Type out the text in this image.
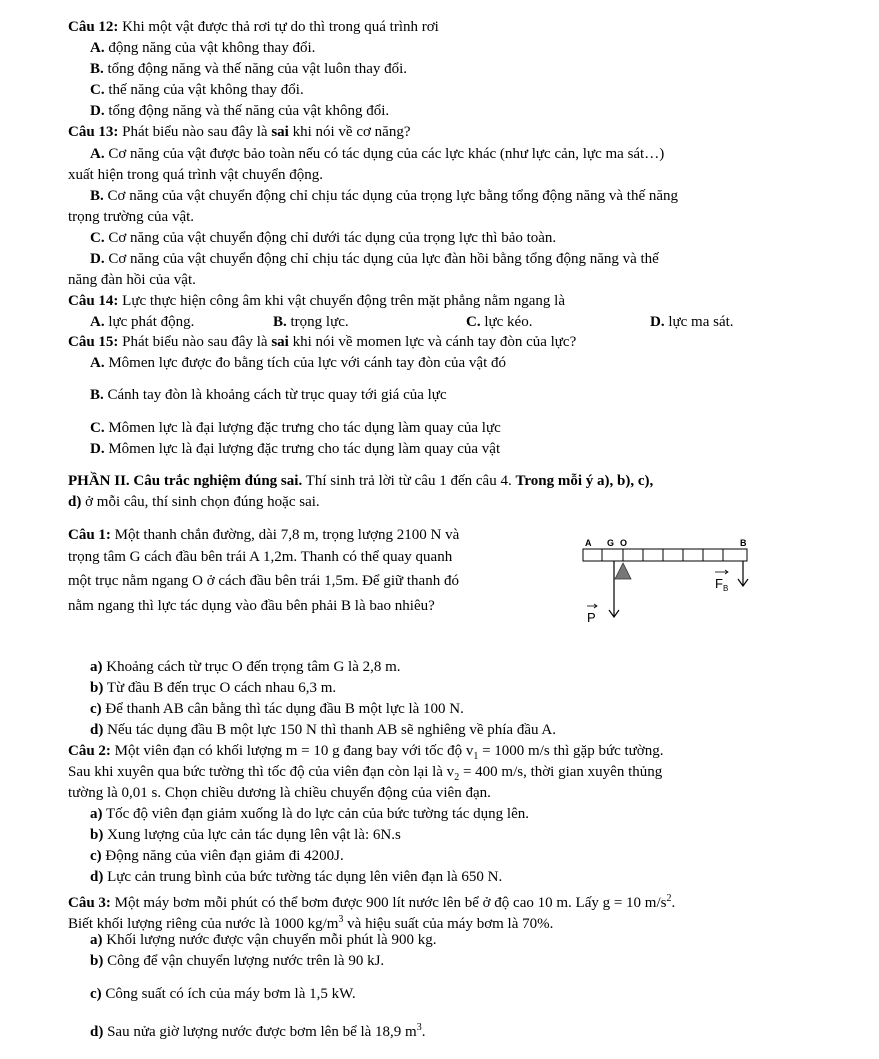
Câu 12: Khi một vật được thả rơi tự do thì trong quá trình rơi
A. động năng của vật không thay đổi.
B. tổng động năng và thế năng của vật luôn thay đổi.
C. thế năng của vật không thay đổi.
D. tổng động năng và thế năng của vật không đổi.
Câu 13: Phát biểu nào sau đây là sai khi nói về cơ năng?
A. Cơ năng của vật được bảo toàn nếu có tác dụng của các lực khác (như lực cản, lực ma sát…)
xuất hiện trong quá trình vật chuyển động.
B. Cơ năng của vật chuyển động chỉ chịu tác dụng của trọng lực bằng tổng động năng và thế năng
trọng trường của vật.
C. Cơ năng của vật chuyển động chỉ dưới tác dụng của trọng lực thì bảo toàn.
D. Cơ năng của vật chuyển động chỉ chịu tác dụng của lực đàn hồi bằng tổng động năng và thế
năng đàn hồi của vật.
Câu 14: Lực thực hiện công âm khi vật chuyển động trên mặt phẳng nằm ngang là
A. lực phát động.	B. trọng lực.	C. lực kéo.	D. lực ma sát.
Câu 15: Phát biểu nào sau đây là sai khi nói về momen lực và cánh tay đòn của lực?
A. Mômen lực được đo bằng tích của lực với cánh tay đòn của vật đó
B. Cánh tay đòn là khoảng cách từ trục quay tới giá của lực
C. Mômen lực là đại lượng đặc trưng cho tác dụng làm quay của lực
D. Mômen lực là đại lượng đặc trưng cho tác dụng làm quay của vật
PHẦN II. Câu trắc nghiệm đúng sai. Thí sinh trả lời từ câu 1 đến câu 4. Trong mỗi ý a), b), c),
d) ở mỗi câu, thí sinh chọn đúng hoặc sai.
Câu 1: Một thanh chắn đường, dài 7,8 m, trọng lượng 2100 N và
trọng tâm G cách đầu bên trái A 1,2m. Thanh có thể quay quanh
một trục nằm ngang O ở cách đầu bên trái 1,5m. Để giữ thanh đó
nằm ngang thì lực tác dụng vào đầu bên phải B là bao nhiêu?
A G O	B
$F_B$
P
a) Khoảng cách từ trục O đến trọng tâm G là 2,8 m.
b) Từ đầu B đến trục O cách nhau 6,3 m.
c) Để thanh AB cân bằng thì tác dụng đầu B một lực là 100 N.
d) Nếu tác dụng đầu B một lực 150 N thì thanh AB sẽ nghiêng về phía đầu A.
Câu 2: Một viên đạn có khối lượng m = 10 g đang bay với tốc độ $v_1 = 1000$ m/s thì gặp bức tường.
Sau khi xuyên qua bức tường thì tốc độ của viên đạn còn lại là $v_2 = 400$ m/s, thời gian xuyên thủng
tường là 0,01 s. Chọn chiều dương là chiều chuyển động của viên đạn.
a) Tốc độ viên đạn giảm xuống là do lực cản của bức tường tác dụng lên.
b) Xung lượng của lực cản tác dụng lên vật là: 6N.s
c) Động năng của viên đạn giảm đi 4200J.
d) Lực cản trung bình của bức tường tác dụng lên viên đạn là 650 N.
Câu 3: Một máy bơm mỗi phút có thể bơm được 900 lít nước lên bể ở độ cao 10 m. Lấy g = 10 $m/s^2$.
Biết khối lượng riêng của nước là 1000 $kg/m^3$ và hiệu suất của máy bơm là 70%.
a) Khối lượng nước được vận chuyển mỗi phút là 900 kg.
b) Công để vận chuyển lượng nước trên là 90 kJ.
c) Công suất có ích của máy bơm là 1,5 kW.
d) Sau nửa giờ lượng nước được bơm lên bể là 18,9 $m^3$.
